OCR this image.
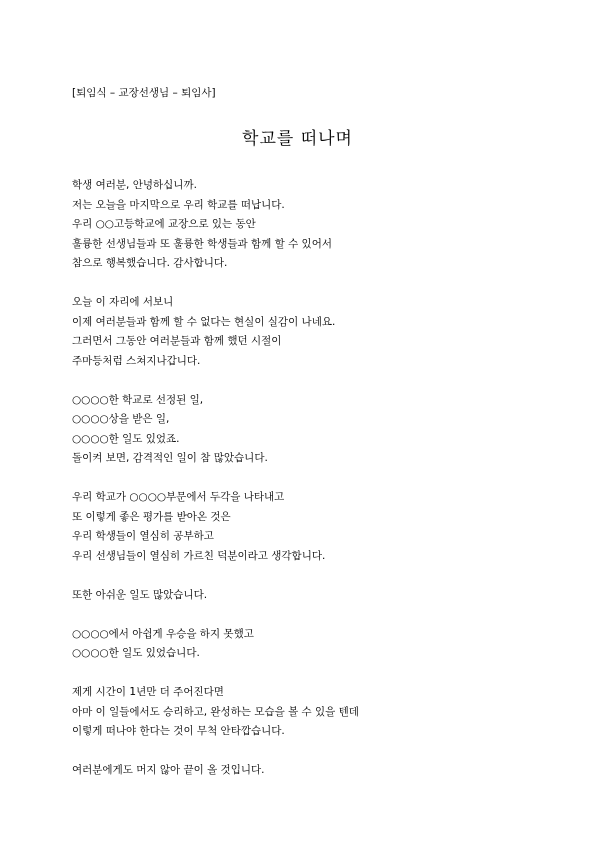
[퇴임식 – 교장선생님 – 퇴임사]
학교를 떠나며
학생 여러분, 안녕하십니까.
저는 오늘을 마지막으로 우리 학교를 떠납니다.
우리 ○○고등학교에 교장으로 있는 동안
훌륭한 선생님들과 또 훌륭한 학생들과 함께 할 수 있어서
참으로 행복했습니다. 감사합니다.
오늘 이 자리에 서보니
이제 여러분들과 함께 할 수 없다는 현실이 실감이 나네요.
그러면서 그동안 여러분들과 함께 했던 시절이
주마등처럼 스쳐지나갑니다.
○○○○한 학교로 선정된 일,
○○○○상을 받은 일,
○○○○한 일도 있었죠.
돌이켜 보면, 감격적인 일이 참 많았습니다.
우리 학교가 ○○○○부문에서 두각을 나타내고
또 이렇게 좋은 평가를 받아온 것은
우리 학생들이 열심히 공부하고
우리 선생님들이 열심히 가르친 덕분이라고 생각합니다.
또한 아쉬운 일도 많았습니다.
○○○○에서 아쉽게 우승을 하지 못했고
○○○○한 일도 있었습니다.
제게 시간이 1년만 더 주어진다면
아마 이 일들에서도 승리하고, 완성하는 모습을 볼 수 있을 텐데
이렇게 떠나야 한다는 것이 무척 안타깝습니다.
여러분에게도 머지 않아 끝이 올 것입니다.
